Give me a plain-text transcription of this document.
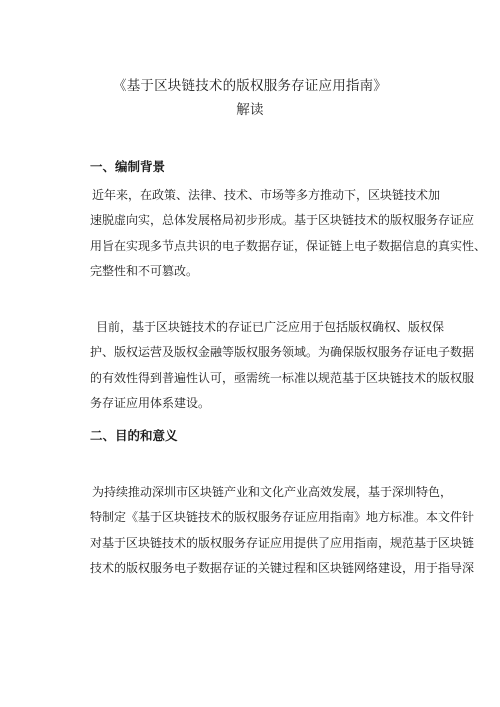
《基于区块链技术的版权服务存证应用指南》
解读
一、编制背景
近年来，在政策、法律、技术、市场等多方推动下，区块链技术加
速脱虚向实，总体发展格局初步形成。基于区块链技术的版权服务存证应
用旨在实现多节点共识的电子数据存证，保证链上电子数据信息的真实性、
完整性和不可篡改。
目前，基于区块链技术的存证已广泛应用于包括版权确权、版权保
护、版权运营及版权金融等版权服务领域。为确保版权服务存证电子数据
的有效性得到普遍性认可，亟需统一标准以规范基于区块链技术的版权服
务存证应用体系建设。
二、目的和意义
为持续推动深圳市区块链产业和文化产业高效发展，基于深圳特色，
特制定《基于区块链技术的版权服务存证应用指南》地方标准。本文件针
对基于区块链技术的版权服务存证应用提供了应用指南，规范基于区块链
技术的版权服务电子数据存证的关键过程和区块链网络建设，用于指导深
